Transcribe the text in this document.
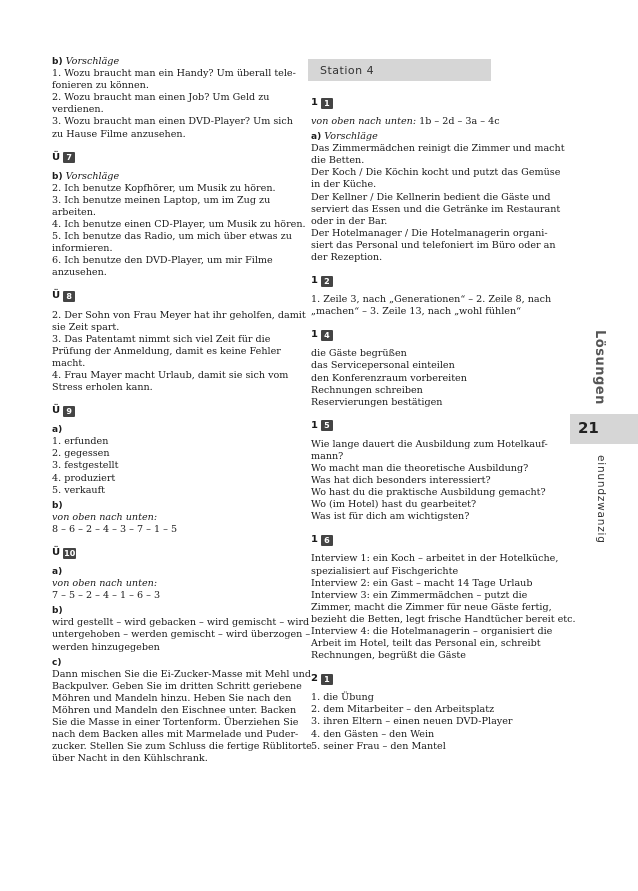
Lösungen
21
einundzwanzig
Station 4
b) Vorschläge
1. Wozu braucht man ein Handy? Um überall tele-
fonieren zu können.
2. Wozu braucht man einen Job? Um Geld zu
verdienen.
3. Wozu braucht man einen DVD-Player? Um sich
zu Hause Filme anzusehen.
Ü 7
b) Vorschläge
2. Ich benutze Kopfhörer, um Musik zu hören.
3. Ich benutze meinen Laptop, um im Zug zu
arbeiten.
4. Ich benutze einen CD-Player, um Musik zu hören.
5. Ich benutze das Radio, um mich über etwas zu
informieren.
6. Ich benutze den DVD-Player, um mir Filme
anzusehen.
Ü 8
2. Der Sohn von Frau Meyer hat ihr geholfen, damit
sie Zeit spart.
3. Das Patentamt nimmt sich viel Zeit für die
Prüfung der Anmeldung, damit es keine Fehler
macht.
4. Frau Mayer macht Urlaub, damit sie sich vom
Stress erholen kann.
Ü 9
a)
1. erfunden
2. gegessen
3. festgestellt
4. produziert
5. verkauft
b)
von oben nach unten:
8 – 6 – 2 – 4 – 3 – 7 – 1 – 5
Ü 10
a)
von oben nach unten:
7 – 5 – 2 – 4 – 1 – 6 – 3
b)
wird gestellt – wird gebacken – wird gemischt – wird
untergehoben – werden gemischt – wird überzogen –
werden hinzugegeben
c)
Dann mischen Sie die Ei-Zucker-Masse mit Mehl und
Backpulver. Geben Sie im dritten Schritt geriebene
Möhren und Mandeln hinzu. Heben Sie nach den
Möhren und Mandeln den Eischnee unter. Backen
Sie die Masse in einer Tortenform. Überziehen Sie
nach dem Backen alles mit Marmelade und Puder-
zucker. Stellen Sie zum Schluss die fertige Rüblitorte
über Nacht in den Kühlschrank.
1 1
von oben nach unten: 1b – 2d – 3a – 4c
a) Vorschläge
Das Zimmermädchen reinigt die Zimmer und macht
die Betten.
Der Koch / Die Köchin kocht und putzt das Gemüse
in der Küche.
Der Kellner / Die Kellnerin bedient die Gäste und
serviert das Essen und die Getränke im Restaurant
oder in der Bar.
Der Hotelmanager / Die Hotelmanagerin organi-
siert das Personal und telefoniert im Büro oder an
der Rezeption.
1 2
1. Zeile 3, nach „Generationen“ – 2. Zeile 8, nach
„machen“ – 3. Zeile 13, nach „wohl fühlen“
1 4
die Gäste begrüßen
das Servicepersonal einteilen
den Konferenzraum vorbereiten
Rechnungen schreiben
Reservierungen bestätigen
1 5
Wie lange dauert die Ausbildung zum Hotelkauf-
mann?
Wo macht man die theoretische Ausbildung?
Was hat dich besonders interessiert?
Wo hast du die praktische Ausbildung gemacht?
Wo (im Hotel) hast du gearbeitet?
Was ist für dich am wichtigsten?
1 6
Interview 1: ein Koch – arbeitet in der Hotelküche,
spezialisiert auf Fischgerichte
Interview 2: ein Gast – macht 14 Tage Urlaub
Interview 3: ein Zimmermädchen – putzt die
Zimmer, macht die Zimmer für neue Gäste fertig,
bezieht die Betten, legt frische Handtücher bereit etc.
Interview 4: die Hotelmanagerin – organisiert die
Arbeit im Hotel, teilt das Personal ein, schreibt
Rechnungen, begrüßt die Gäste
2 1
1. die Übung
2. dem Mitarbeiter – den Arbeitsplatz
3. ihren Eltern – einen neuen DVD-Player
4. den Gästen – den Wein
5. seiner Frau – den Mantel
